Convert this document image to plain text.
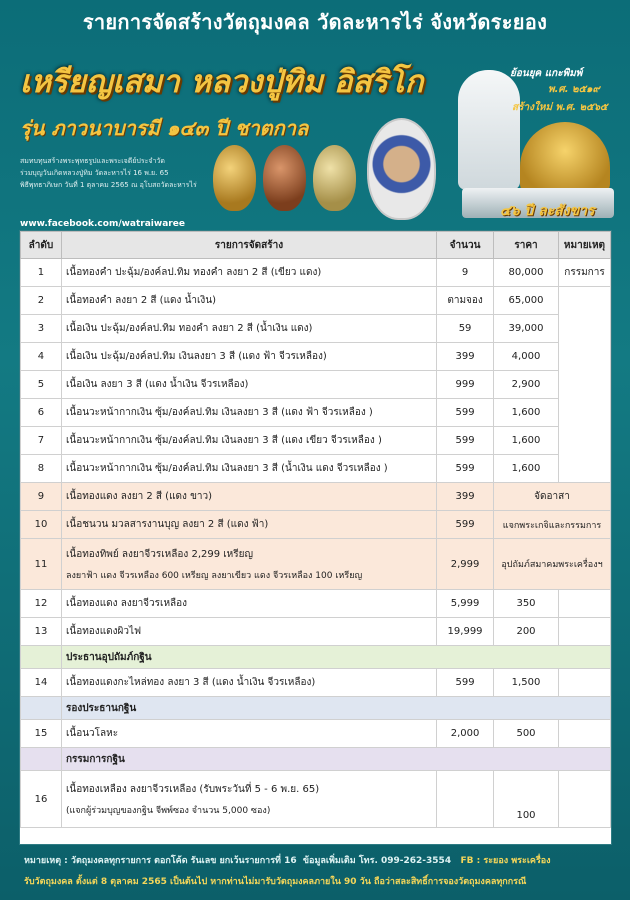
รายการจัดสร้างวัตถุมงคล วัดละหารไร่ จังหวัดระยอง
เหรียญเสมา หลวงปู่ทิม อิสริโก
รุ่น ภาวนาบารมี ๑๔๓ ปี ชาตกาล
สมทบทุนสร้างพระพุทธรูปและพระเจดีย์ประจำวัด
ร่วมบุญวันเกิดหลวงปู่ทิม วัดละหารไร่ 16 พ.ย. 65
พิธีพุทธาภิเษก วันที่ 1 ตุลาคม 2565 ณ อุโบสถวัดละหารไร่
www.facebook.com/watraiwaree
ย้อนยุค แกะพิมพ์
พ.ศ. ๒๕๑๙
สร้างใหม่ พ.ศ. ๒๕๖๕
๔๖ ปี ละสังขาร
ลำดับ	รายการจัดสร้าง	จำนวน	ราคา	หมายเหตุ
1	เนื้อทองคำ ปะฉุ้ม/องค์ลป.ทิม ทองคำ ลงยา 2 สี (เขียว แดง)	9	80,000	กรรมการ
2	เนื้อทองคำ ลงยา 2 สี (แดง น้ำเงิน)	ตามจอง	65,000	
3	เนื้อเงิน ปะฉุ้ม/องค์ลป.ทิม ทองคำ ลงยา 2 สี (น้ำเงิน แดง)	59	39,000	
4	เนื้อเงิน ปะฉุ้ม/องค์ลป.ทิม เงินลงยา 3 สี (แดง ฟ้า จีวรเหลือง)	399	4,000	
5	เนื้อเงิน ลงยา 3 สี (แดง น้ำเงิน จีวรเหลือง)	999	2,900	
6	เนื้อนวะหน้ากากเงิน ซุ้ม/องค์ลป.ทิม เงินลงยา 3 สี (แดง ฟ้า จีวรเหลือง )	599	1,600	
7	เนื้อนวะหน้ากากเงิน ซุ้ม/องค์ลป.ทิม เงินลงยา 3 สี (แดง เขียว จีวรเหลือง )	599	1,600	
8	เนื้อนวะหน้ากากเงิน ซุ้ม/องค์ลป.ทิม เงินลงยา 3 สี (น้ำเงิน แดง จีวรเหลือง )	599	1,600	
9	เนื้อทองแดง ลงยา 2 สี (แดง ขาว)	399	จัดอาสา	
10	เนื้อชนวน มวลสารงานบุญ ลงยา 2 สี (แดง ฟ้า)	599	แจกพระเกจิและกรรมการ	
11	เนื้อทองทิพย์ ลงยาจีวรเหลือง 2,299 เหรียญ
ลงยาฟ้า แดง จีวรเหลือง 600 เหรียญ ลงยาเขียว แดง จีวรเหลือง 100 เหรียญ	2,999	อุปถัมภ์สมาคมพระเครื่องฯ	
12	เนื้อทองแดง ลงยาจีวรเหลือง	5,999	350	
13	เนื้อทองแดงผิวไฟ	19,999	200	
	ประธานอุปถัมภ์กฐิน			
14	เนื้อทองแดงกะไหล่ทอง ลงยา 3 สี (แดง น้ำเงิน จีวรเหลือง)	599	1,500	
	รองประธานกฐิน			
15	เนื้อนวโลหะ	2,000	500	
	กรรมการกฐิน			
16	เนื้อทองเหลือง ลงยาจีวรเหลือง (รับพระวันที่ 5 - 6 พ.ย. 65)
(แจกผู้ร่วมบุญของกฐิน จีพพ์ซอง จำนวน 5,000 ซอง)		100	
หมายเหตุ : วัตถุมงคลทุกรายการ ตอกโค้ด รันเลข ยกเว้นรายการที่ 16 ข้อมูลเพิ่มเติม โทร. 099-262-3554 FB : ระยอง พระเครื่อง
รับวัตถุมงคล ตั้งแต่ 8 ตุลาคม 2565 เป็นต้นไป หากท่านไม่มารับวัตถุมงคลภายใน 90 วัน ถือว่าสละสิทธิ์การจองวัตถุมงคลทุกกรณี
